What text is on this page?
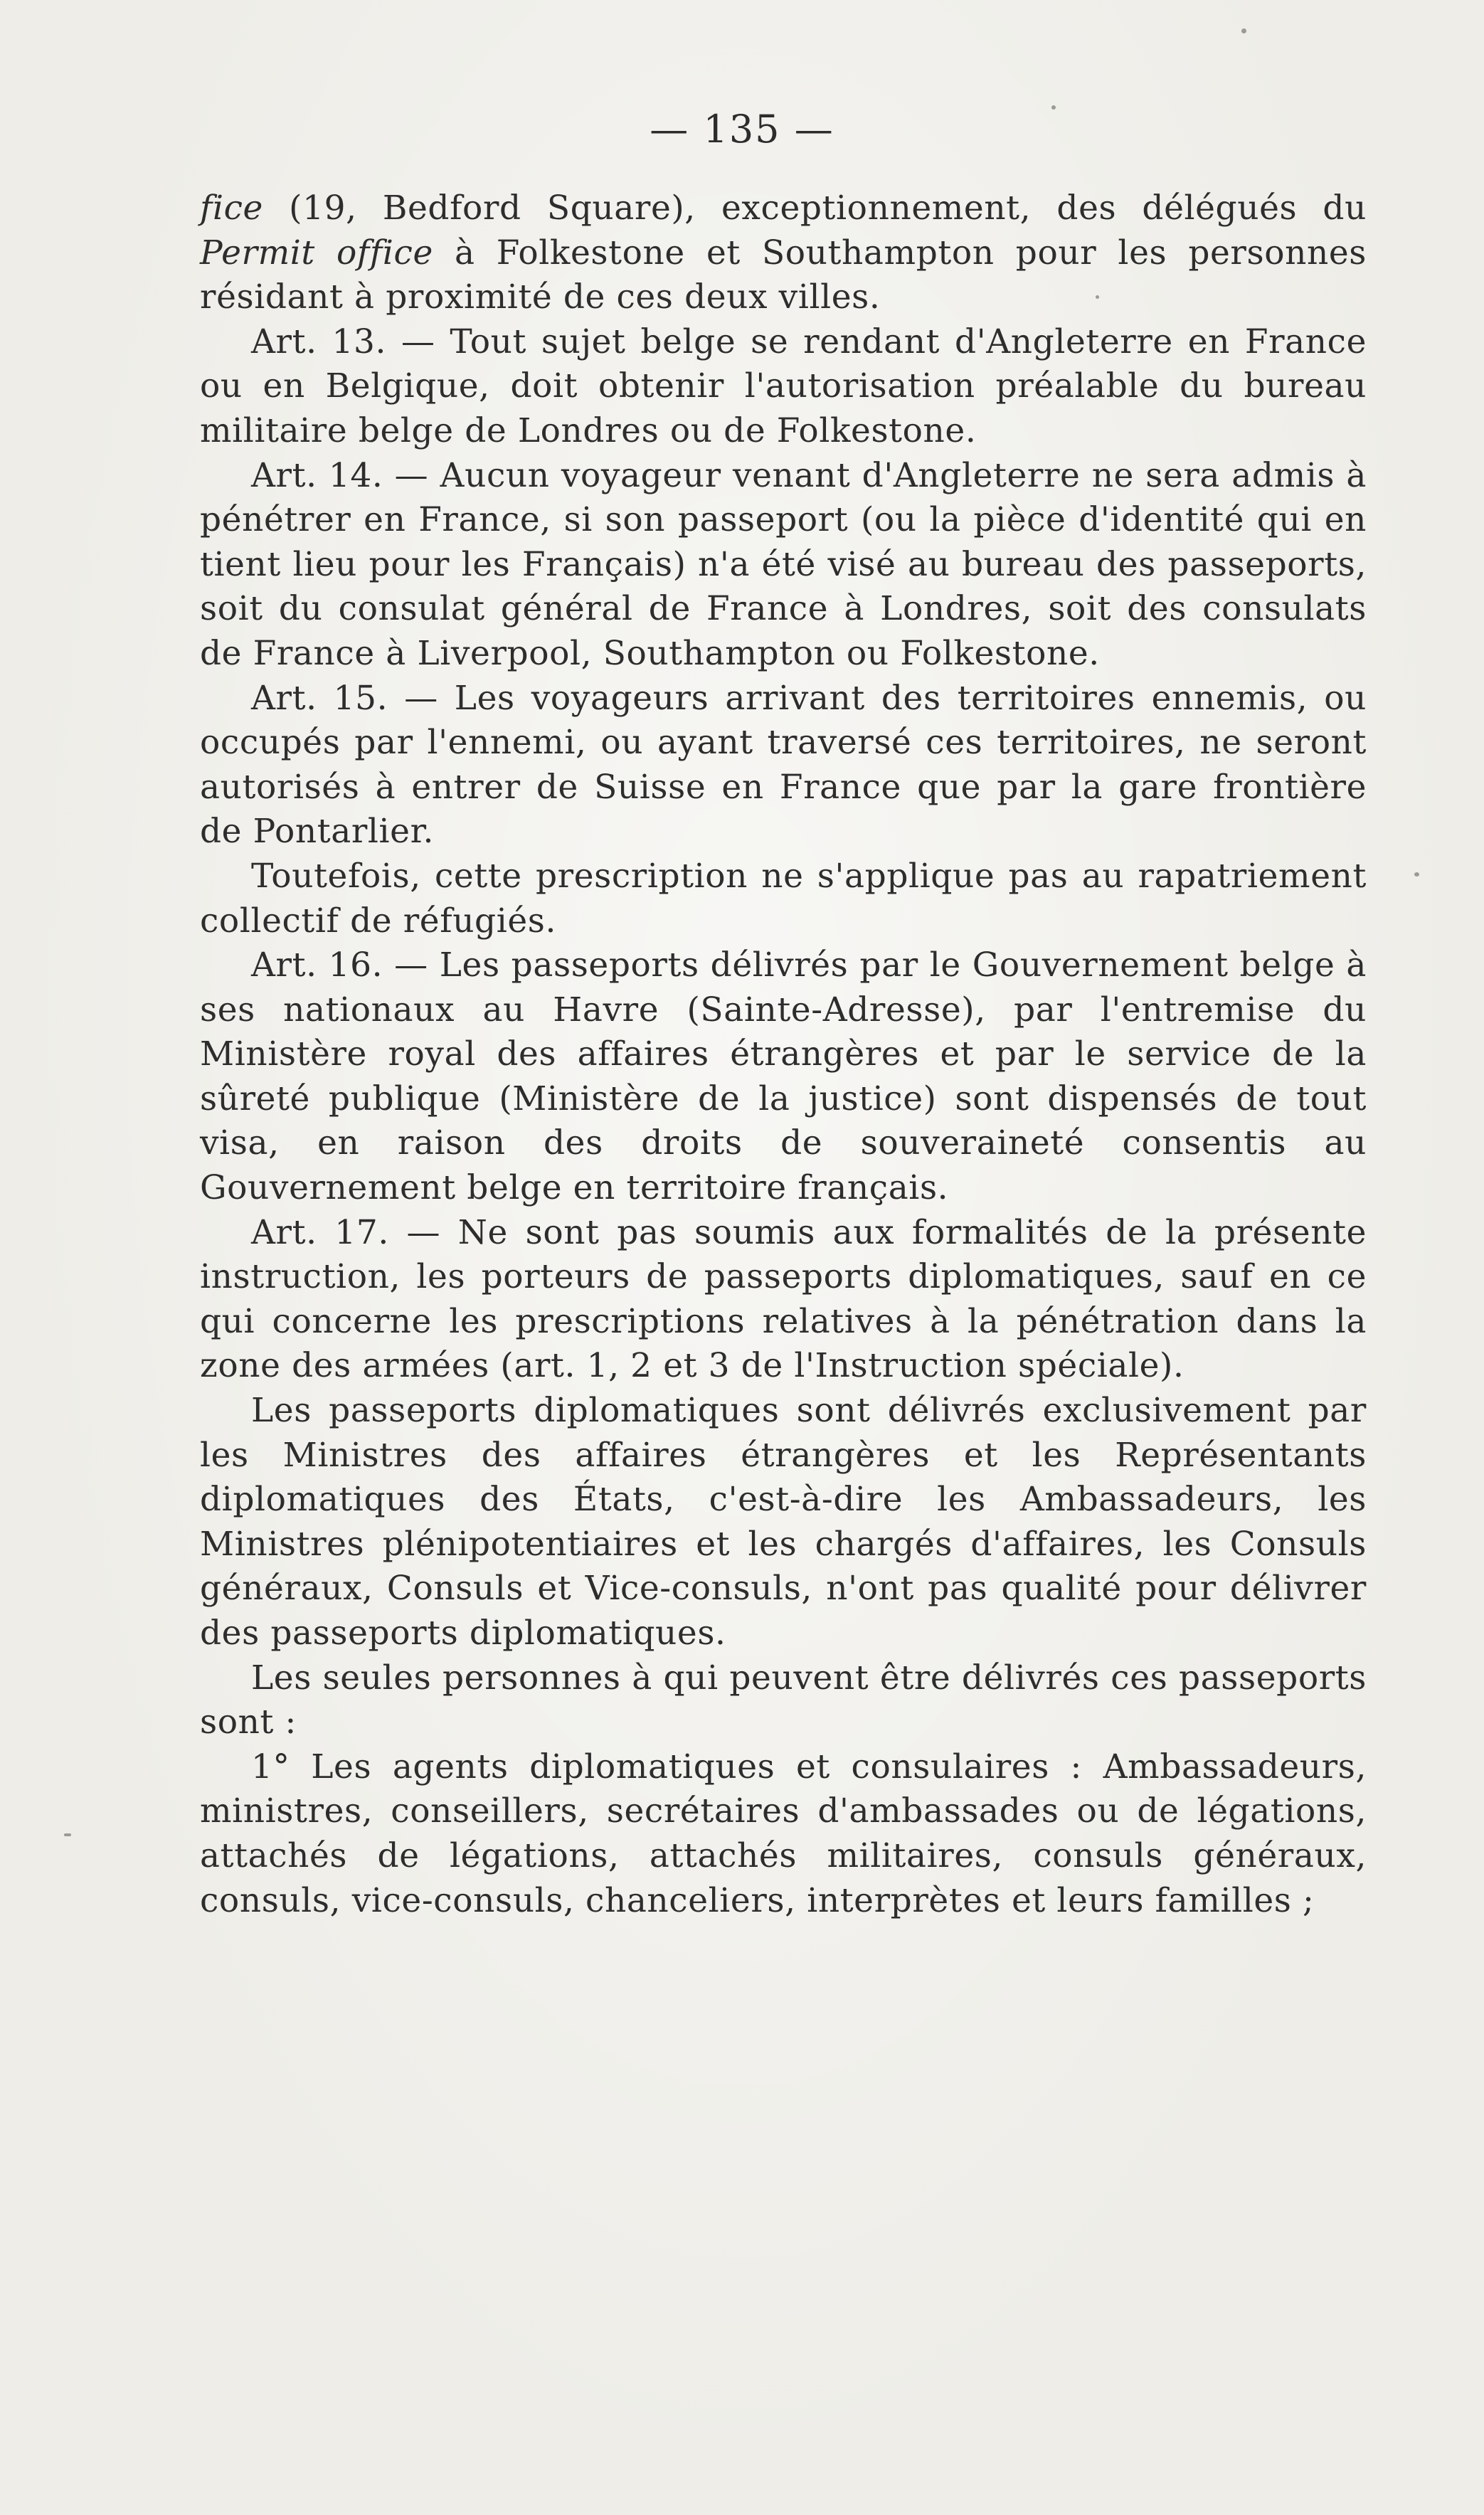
— 135 —

fice (19, Bedford Square), exceptionnement, des délégués du Permit office à Folkestone et Southampton pour les personnes résidant à proximité de ces deux villes.

Art. 13. — Tout sujet belge se rendant d'Angleterre en France ou en Belgique, doit obtenir l'autorisation préalable du bureau militaire belge de Londres ou de Folkestone.

Art. 14. — Aucun voyageur venant d'Angleterre ne sera admis à pénétrer en France, si son passeport (ou la pièce d'identité qui en tient lieu pour les Français) n'a été visé au bureau des passeports, soit du consulat général de France à Londres, soit des consulats de France à Liverpool, Southampton ou Folkestone.

Art. 15. — Les voyageurs arrivant des territoires ennemis, ou occupés par l'ennemi, ou ayant traversé ces territoires, ne seront autorisés à entrer de Suisse en France que par la gare frontière de Pontarlier.

Toutefois, cette prescription ne s'applique pas au rapatriement collectif de réfugiés.

Art. 16. — Les passeports délivrés par le Gouvernement belge à ses nationaux au Havre (Sainte-Adresse), par l'entremise du Ministère royal des affaires étrangères et par le service de la sûreté publique (Ministère de la justice) sont dispensés de tout visa, en raison des droits de souveraineté consentis au Gouvernement belge en territoire français.

Art. 17. — Ne sont pas soumis aux formalités de la présente instruction, les porteurs de passeports diplomatiques, sauf en ce qui concerne les prescriptions relatives à la pénétration dans la zone des armées (art. 1, 2 et 3 de l'Instruction spéciale).

Les passeports diplomatiques sont délivrés exclusivement par les Ministres des affaires étrangères et les Représentants diplomatiques des États, c'est-à-dire les Ambassadeurs, les Ministres plénipotentiaires et les chargés d'affaires, les Consuls généraux, Consuls et Vice-consuls, n'ont pas qualité pour délivrer des passeports diplomatiques.

Les seules personnes à qui peuvent être délivrés ces passeports sont :

1° Les agents diplomatiques et consulaires : Ambassadeurs, ministres, conseillers, secrétaires d'ambassades ou de légations, attachés de légations, attachés militaires, consuls généraux, consuls, vice-consuls, chanceliers, interprètes et leurs familles ;
